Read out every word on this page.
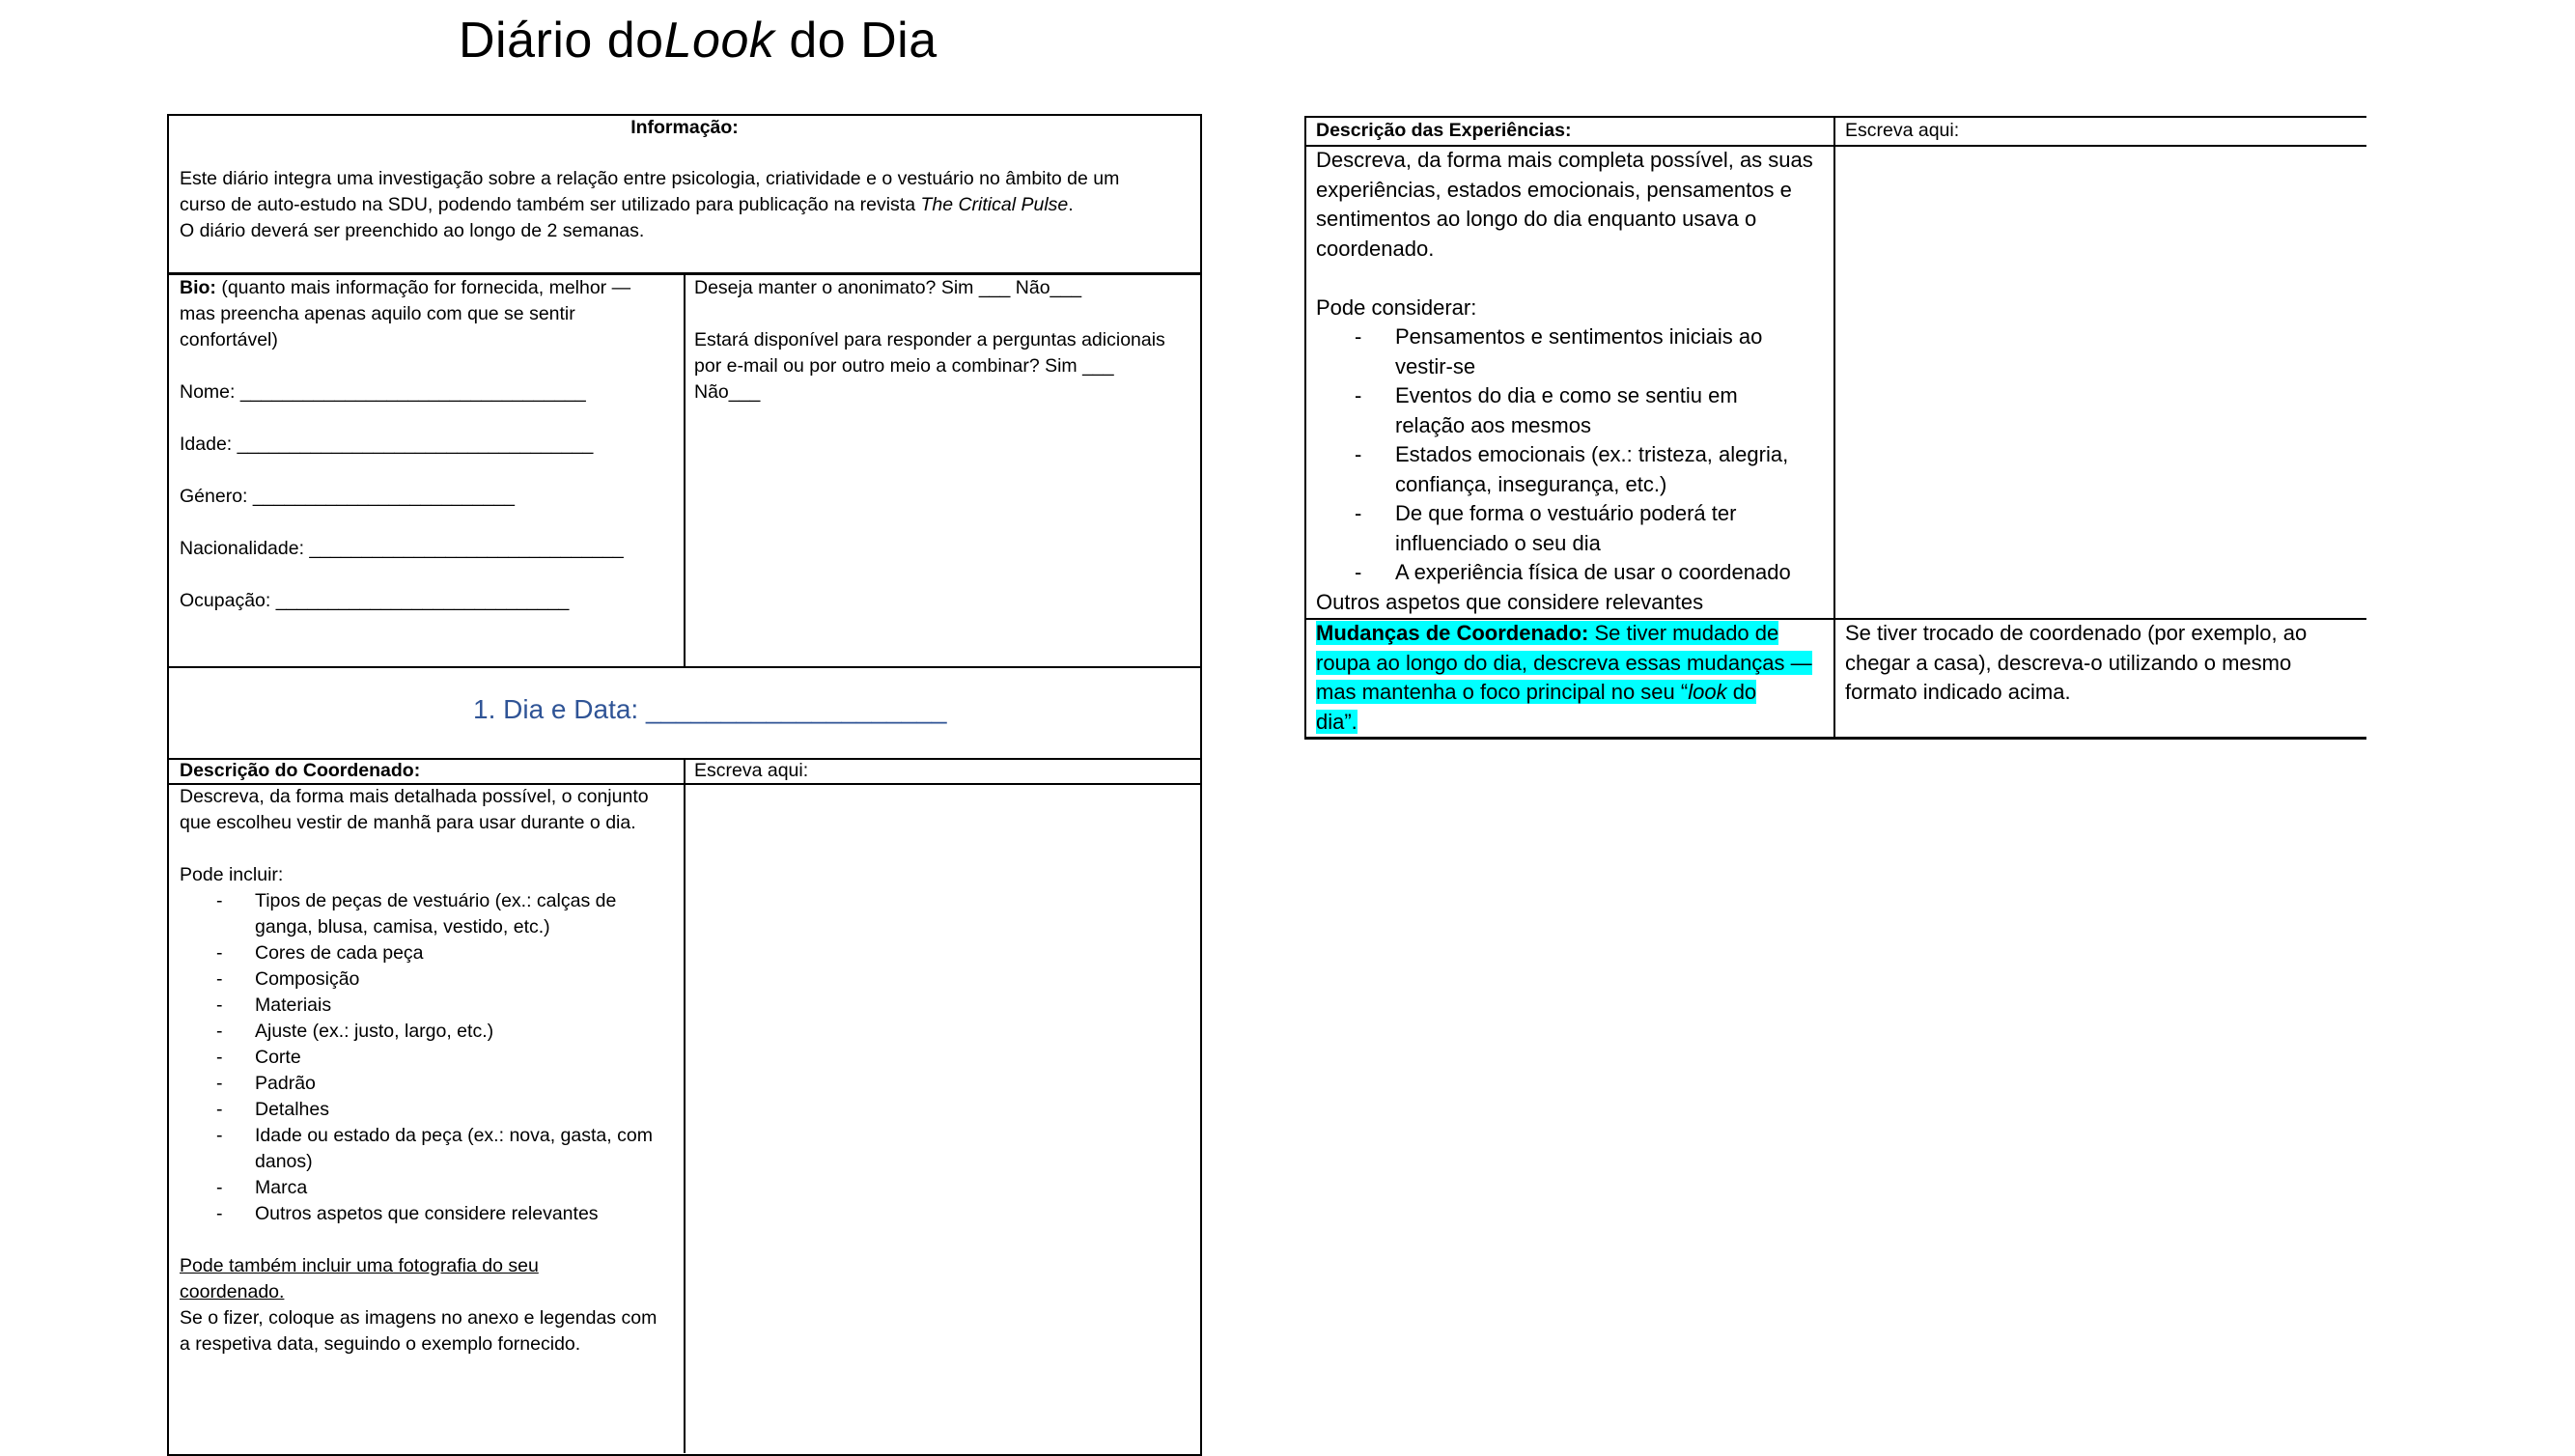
Diário doLook do Dia
Informação:
Este diário integra uma investigação sobre a relação entre psicologia, criatividade e o vestuário no âmbito de um
curso de auto-estudo na SDU, podendo também ser utilizado para publicação na revista The Critical Pulse.
O diário deverá ser preenchido ao longo de 2 semanas.
Bio: (quanto mais informação for fornecida, melhor —
mas preencha apenas aquilo com que se sentir
confortável)
Nome: _________________________________
Idade: __________________________________
Género: _________________________
Nacionalidade: ______________________________
Ocupação: ____________________________
Deseja manter o anonimato? Sim ___ Não___
Estará disponível para responder a perguntas adicionais
por e-mail ou por outro meio a combinar? Sim ___
Não___
1. Dia e Data: ____________________
Descrição do Coordenado:	Escreva aqui:
Descreva, da forma mais detalhada possível, o conjunto
que escolheu vestir de manhã para usar durante o dia.

Pode incluir:
- Tipos de peças de vestuário (ex.: calças de
ganga, blusa, camisa, vestido, etc.)
- Cores de cada peça
- Composição
- Materiais
- Ajuste (ex.: justo, largo, etc.)
- Corte
- Padrão
- Detalhes
- Idade ou estado da peça (ex.: nova, gasta, com
danos)
- Marca
- Outros aspetos que considere relevantes

Pode também incluir uma fotografia do seu
coordenado.
Se o fizer, coloque as imagens no anexo e legendas com
a respetiva data, seguindo o exemplo fornecido.
Descrição das Experiências:	Escreva aqui:
Descreva, da forma mais completa possível, as suas
experiências, estados emocionais, pensamentos e
sentimentos ao longo do dia enquanto usava o
coordenado.

Pode considerar:
- Pensamentos e sentimentos iniciais ao
vestir-se
- Eventos do dia e como se sentiu em
relação aos mesmos
- Estados emocionais (ex.: tristeza, alegria,
confiança, insegurança, etc.)
- De que forma o vestuário poderá ter
influenciado o seu dia
- A experiência física de usar o coordenado
Outros aspetos que considere relevantes
Mudanças de Coordenado: Se tiver mudado de
roupa ao longo do dia, descreva essas mudanças —
mas mantenha o foco principal no seu “look do
dia”.
Se tiver trocado de coordenado (por exemplo, ao
chegar a casa), descreva-o utilizando o mesmo
formato indicado acima.
